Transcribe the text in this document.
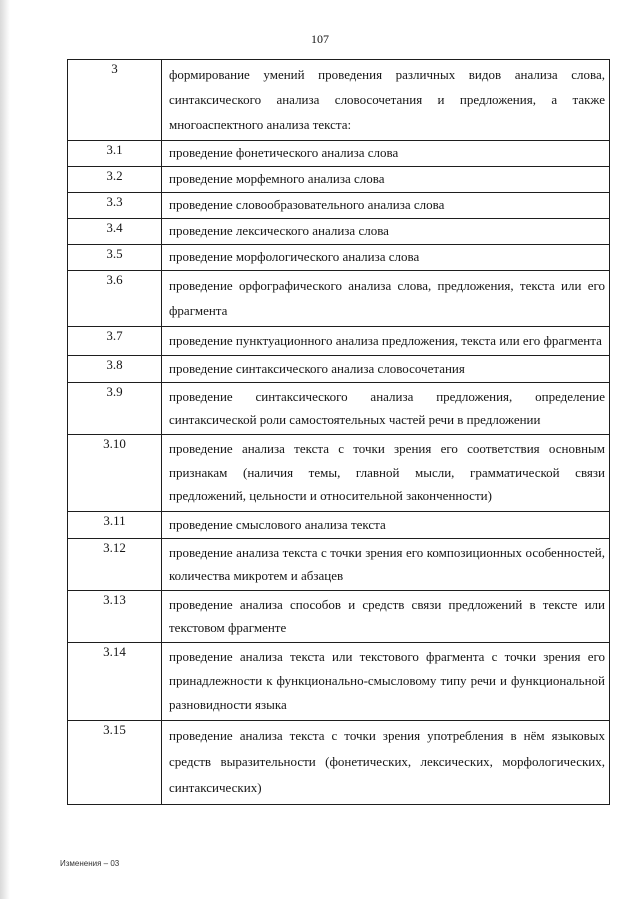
107
3	формирование умений проведения различных видов анализа слова, синтаксического анализа словосочетания и предложения, а также многоаспектного анализа текста:
3.1	проведение фонетического анализа слова
3.2	проведение морфемного анализа слова
3.3	проведение словообразовательного анализа слова
3.4	проведение лексического анализа слова
3.5	проведение морфологического анализа слова
3.6	проведение орфографического анализа слова, предложения, текста или его фрагмента
3.7	проведение пунктуационного анализа предложения, текста или его фрагмента
3.8	проведение синтаксического анализа словосочетания
3.9	проведение синтаксического анализа предложения, определение синтаксической роли самостоятельных частей речи в предложении
3.10	проведение анализа текста с точки зрения его соответствия основным признакам (наличия темы, главной мысли, грамматической связи предложений, цельности и относительной законченности)
3.11	проведение смыслового анализа текста
3.12	проведение анализа текста с точки зрения его композиционных особенностей, количества микротем и абзацев
3.13	проведение анализа способов и средств связи предложений в тексте или текстовом фрагменте
3.14	проведение анализа текста или текстового фрагмента с точки зрения его принадлежности к функционально-смысловому типу речи и функциональной разновидности языка
3.15	проведение анализа текста с точки зрения употребления в нём языковых средств выразительности (фонетических, лексических, морфологических, синтаксических)
Изменения – 03
